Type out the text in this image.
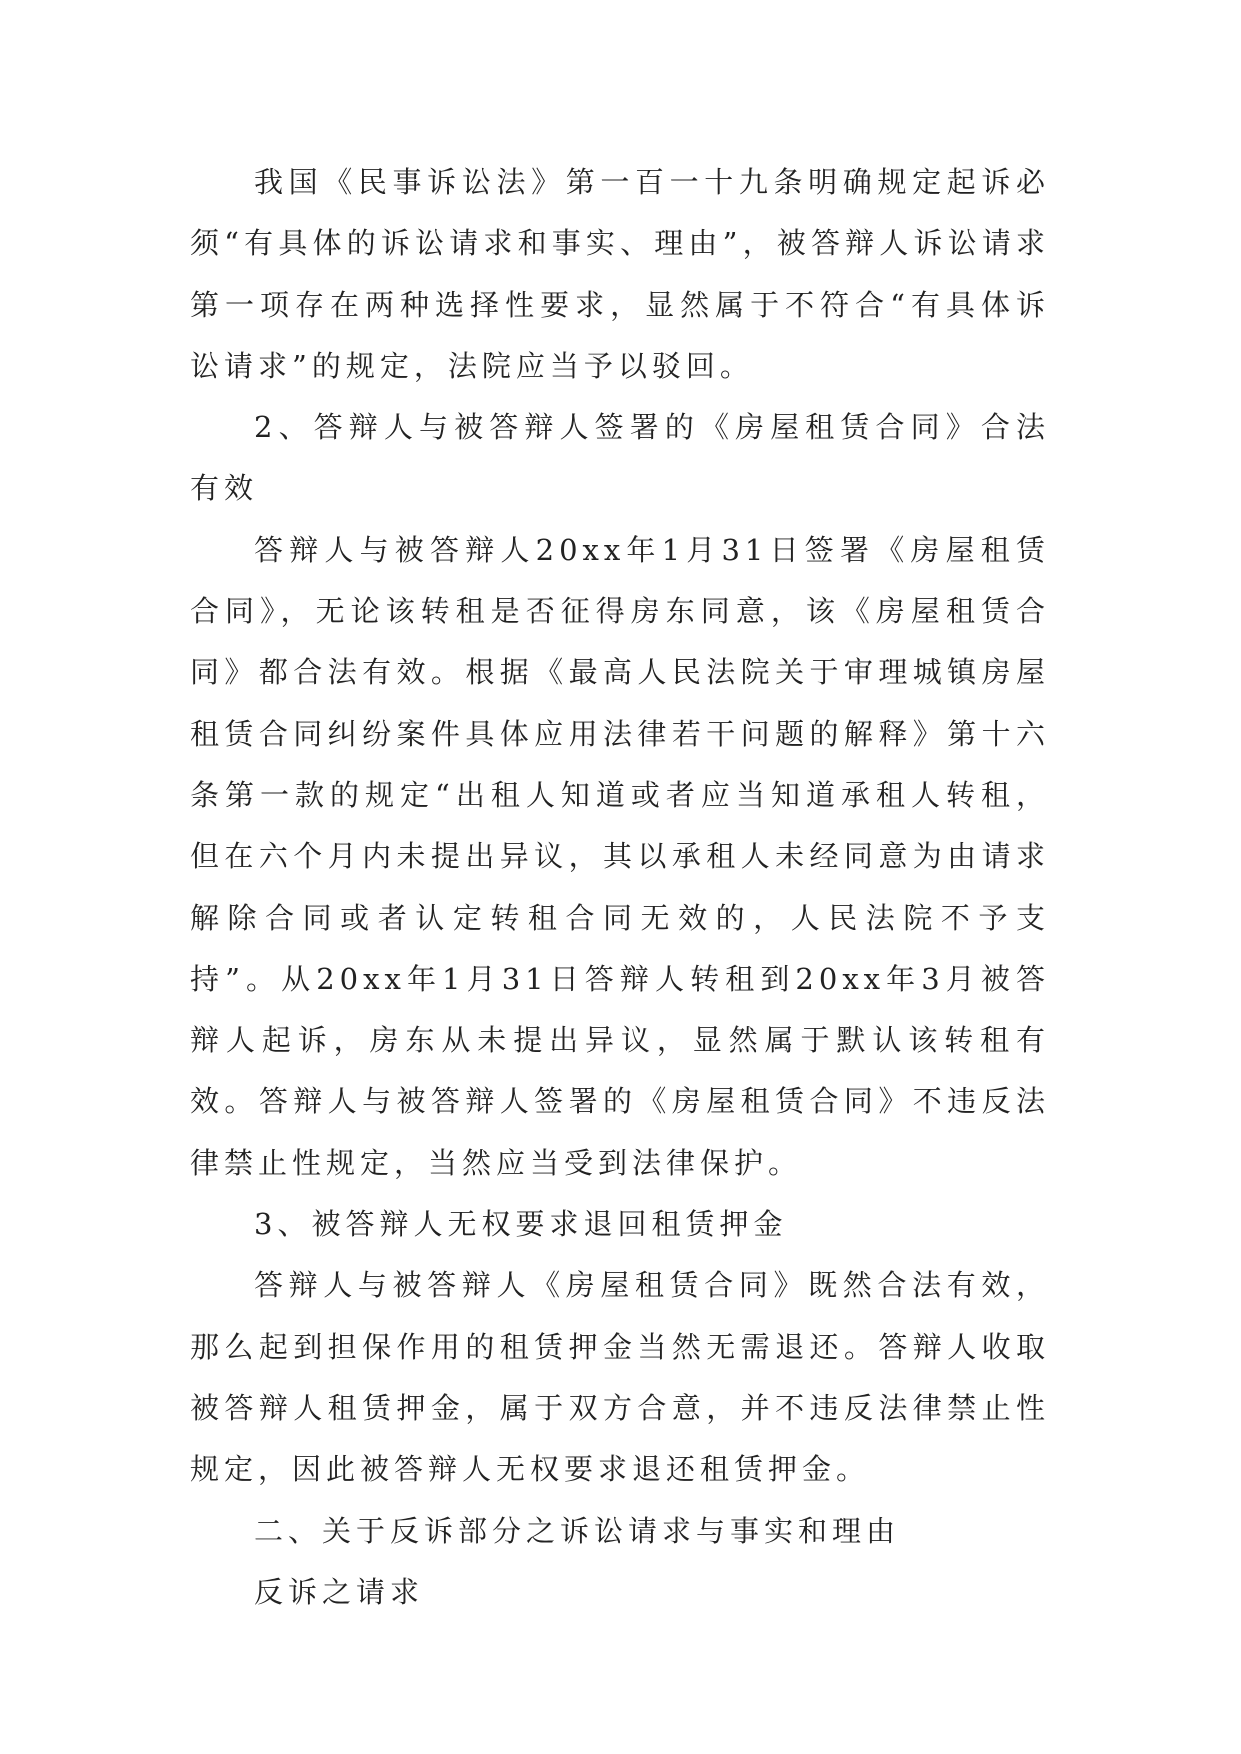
我国《民事诉讼法》第一百一十九条明确规定起诉必须“有具体的诉讼请求和事实、理由”，被答辩人诉讼请求第一项存在两种选择性要求，显然属于不符合“有具体诉讼请求”的规定，法院应当予以驳回。

2、答辩人与被答辩人签署的《房屋租赁合同》合法有效

答辩人与被答辩人20xx年1月31日签署《房屋租赁合同》，无论该转租是否征得房东同意，该《房屋租赁合同》都合法有效。根据《最高人民法院关于审理城镇房屋租赁合同纠纷案件具体应用法律若干问题的解释》第十六条第一款的规定“出租人知道或者应当知道承租人转租，但在六个月内未提出异议，其以承租人未经同意为由请求解除合同或者认定转租合同无效的，人民法院不予支持”。从20xx年1月31日答辩人转租到20xx年3月被答辩人起诉，房东从未提出异议，显然属于默认该转租有效。答辩人与被答辩人签署的《房屋租赁合同》不违反法律禁止性规定，当然应当受到法律保护。

3、被答辩人无权要求退回租赁押金

答辩人与被答辩人《房屋租赁合同》既然合法有效，那么起到担保作用的租赁押金当然无需退还。答辩人收取被答辩人租赁押金，属于双方合意，并不违反法律禁止性规定，因此被答辩人无权要求退还租赁押金。

二、关于反诉部分之诉讼请求与事实和理由

反诉之请求
